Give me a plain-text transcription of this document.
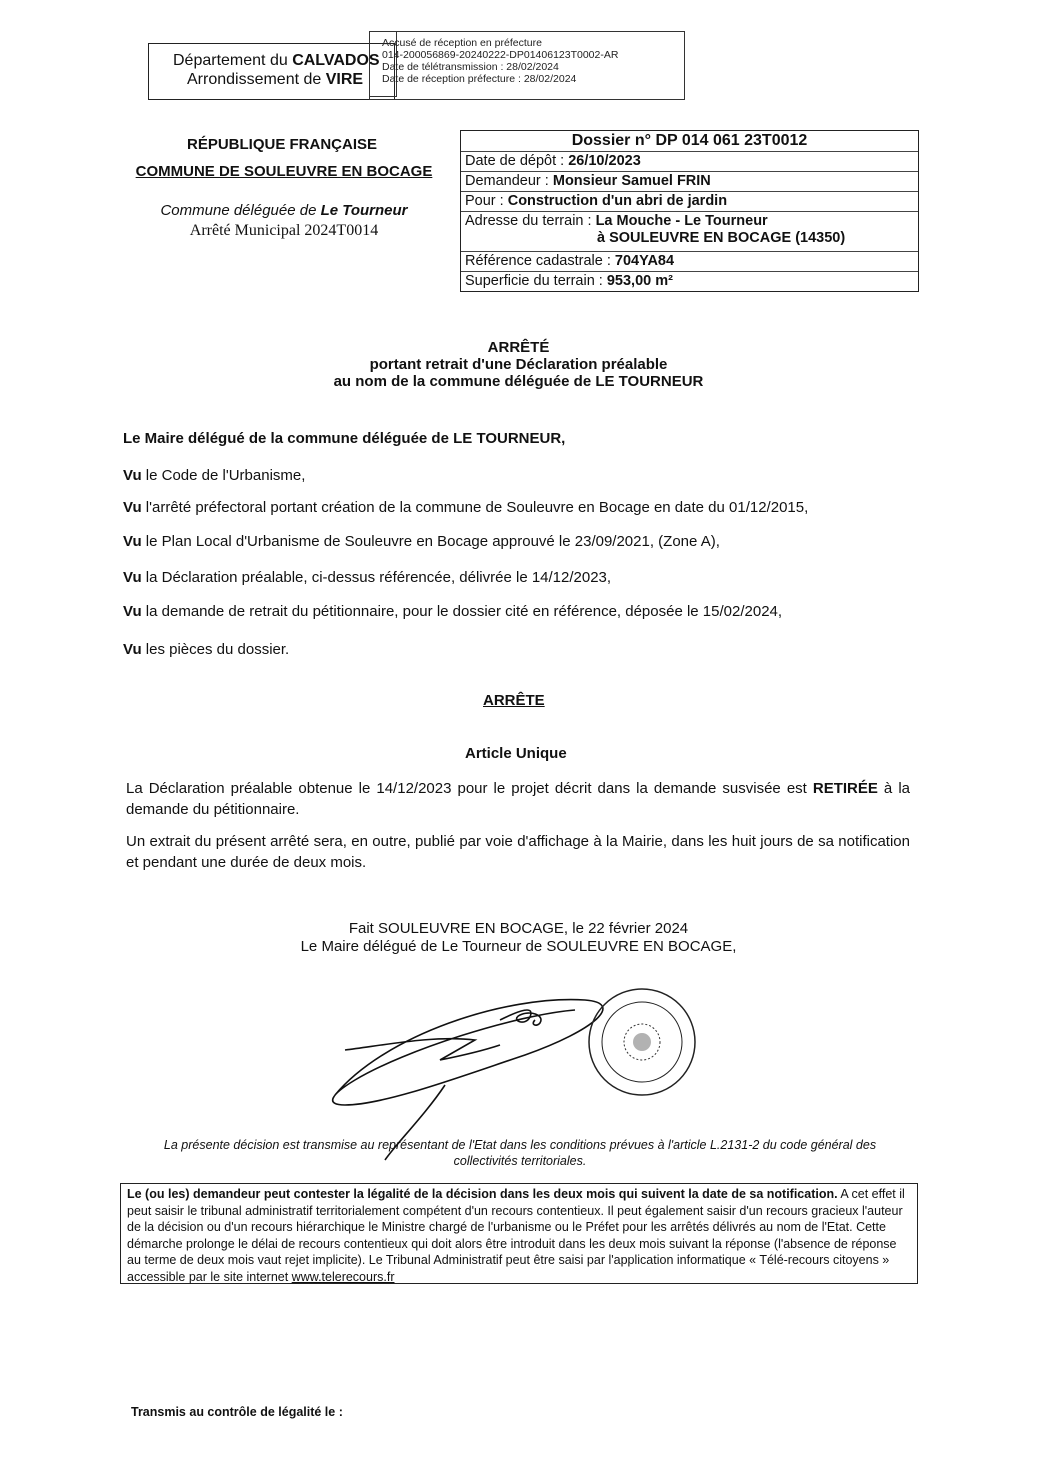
Département du CALVADOS
Arrondissement de VIRE
Accusé de réception en préfecture
014-200056869-20240222-DP01406123T0002-AR
Date de télétransmission : 28/02/2024
Date de réception préfecture : 28/02/2024
RÉPUBLIQUE FRANÇAISE
COMMUNE DE SOULEUVRE EN BOCAGE
Commune déléguée de Le Tourneur
Arrêté Municipal 2024T0014
Dossier n° DP 014 061 23T0012
Date de dépôt : 26/10/2023
Demandeur : Monsieur Samuel FRIN
Pour : Construction d'un abri de jardin
Adresse du terrain : La Mouche - Le Tourneur
à SOULEUVRE EN BOCAGE (14350)
Référence cadastrale : 704YA84
Superficie du terrain : 953,00 m²
ARRÊTÉ
portant retrait d'une Déclaration préalable
au nom de la commune déléguée de LE TOURNEUR
Le Maire délégué de la commune déléguée de LE TOURNEUR,
Vu le Code de l'Urbanisme,
Vu l'arrêté préfectoral portant création de la commune de Souleuvre en Bocage en date du 01/12/2015,
Vu le Plan Local d'Urbanisme de Souleuvre en Bocage approuvé le 23/09/2021, (Zone A),
Vu la Déclaration préalable, ci-dessus référencée, délivrée le 14/12/2023,
Vu la demande de retrait du pétitionnaire, pour le dossier cité en référence, déposée le 15/02/2024,
Vu les pièces du dossier.
ARRÊTE
Article Unique
La Déclaration préalable obtenue le 14/12/2023 pour le projet décrit dans la demande susvisée est RETIRÉE à la demande du pétitionnaire.
Un extrait du présent arrêté sera, en outre, publié par voie d'affichage à la Mairie, dans les huit jours de sa notification et pendant une durée de deux mois.
Fait SOULEUVRE EN BOCAGE, le 22 février 2024
Le Maire délégué de Le Tourneur de SOULEUVRE EN BOCAGE,
La présente décision est transmise au représentant de l'Etat dans les conditions prévues à l'article L.2131-2 du code général des collectivités territoriales.
Le (ou les) demandeur peut contester la légalité de la décision dans les deux mois qui suivent la date de sa notification. A cet effet il peut saisir le tribunal administratif territorialement compétent d'un recours contentieux. Il peut également saisir d'un recours gracieux l'auteur de la décision ou d'un recours hiérarchique le Ministre chargé de l'urbanisme ou le Préfet pour les arrêtés délivrés au nom de l'Etat. Cette démarche prolonge le délai de recours contentieux qui doit alors être introduit dans les deux mois suivant la réponse (l'absence de réponse au terme de deux mois vaut rejet implicite). Le Tribunal Administratif peut être saisi par l'application informatique « Télé-recours citoyens » accessible par le site internet www.telerecours.fr
Transmis au contrôle de légalité le :
